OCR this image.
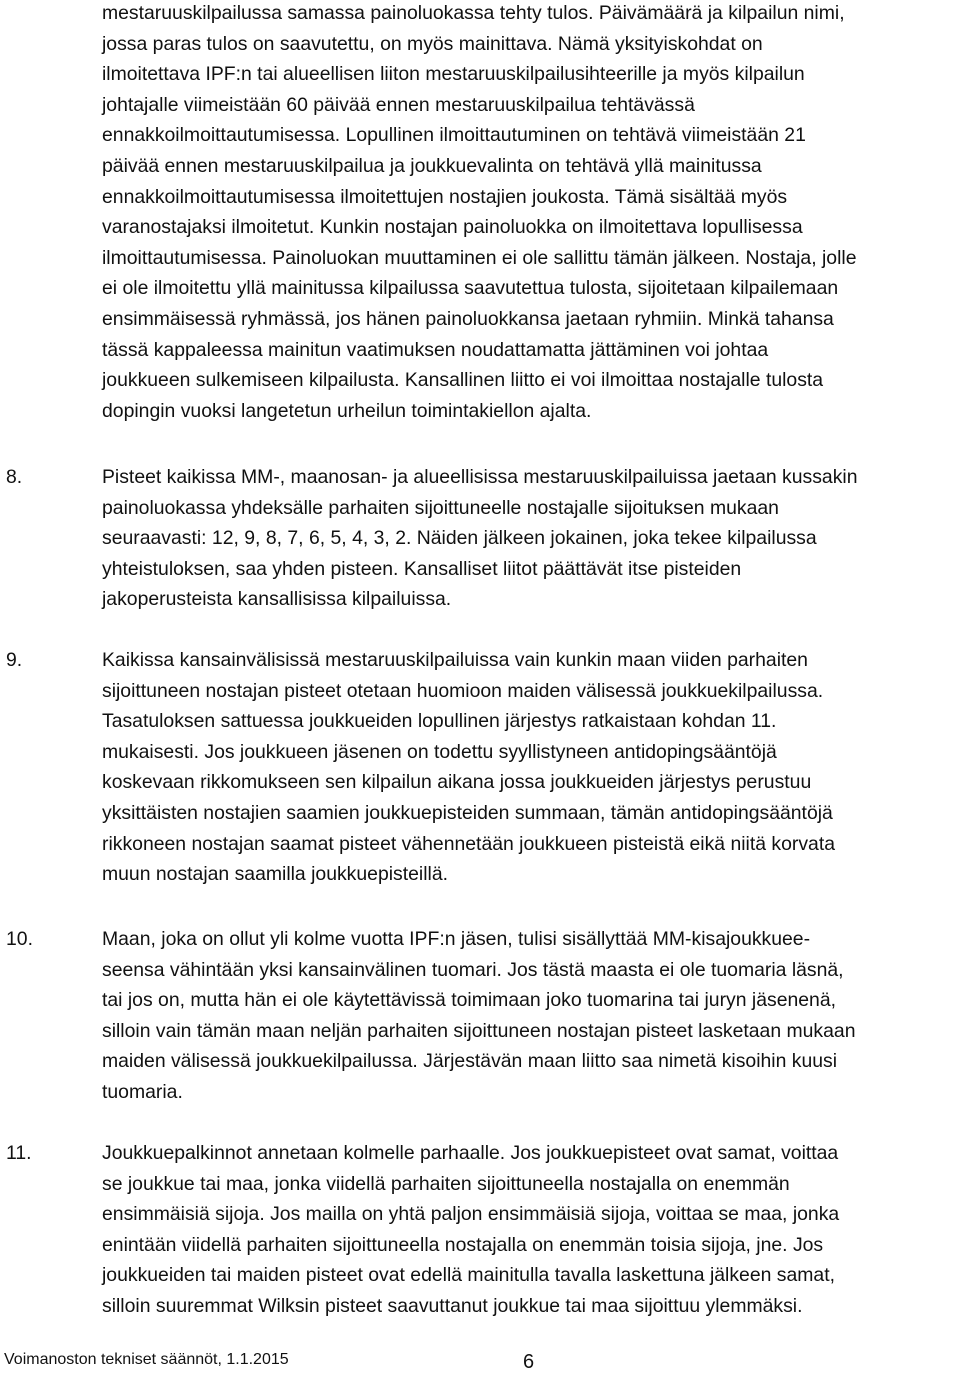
mestaruuskilpailussa samassa painoluokassa tehty tulos. Päivämäärä ja kilpailun nimi,
jossa paras tulos on saavutettu, on myös mainittava. Nämä yksityiskohdat on
ilmoitettava IPF:n tai alueellisen liiton mestaruuskilpailusihteerille ja myös kilpailun
johtajalle viimeistään 60 päivää ennen mestaruuskilpailua tehtävässä
ennakkoilmoittautumisessa. Lopullinen ilmoittautuminen on tehtävä viimeistään 21
päivää ennen mestaruuskilpailua ja joukkuevalinta on tehtävä yllä mainitussa
ennakkoilmoittautumisessa ilmoitettujen nostajien joukosta. Tämä sisältää myös
varanostajaksi ilmoitetut. Kunkin nostajan painoluokka on ilmoitettava lopullisessa
ilmoittautumisessa. Painoluokan muuttaminen ei ole sallittu tämän jälkeen. Nostaja, jolle
ei ole ilmoitettu yllä mainitussa kilpailussa saavutettua tulosta, sijoitetaan kilpailemaan
ensimmäisessä ryhmässä, jos hänen painoluokkansa jaetaan ryhmiin. Minkä tahansa
tässä kappaleessa mainitun vaatimuksen noudattamatta jättäminen voi johtaa
joukkueen sulkemiseen kilpailusta. Kansallinen liitto ei voi ilmoittaa nostajalle tulosta
dopingin vuoksi langetetun urheilun toimintakiellon ajalta.

8.	Pisteet kaikissa MM-, maanosan- ja alueellisissa mestaruuskilpailuissa jaetaan kussakin
painoluokassa yhdeksälle parhaiten sijoittuneelle nostajalle sijoituksen mukaan
seuraavasti: 12, 9, 8, 7, 6, 5, 4, 3, 2. Näiden jälkeen jokainen, joka tekee kilpailussa
yhteistuloksen, saa yhden pisteen. Kansalliset liitot päättävät itse pisteiden
jakoperusteista kansallisissa kilpailuissa.

9.	Kaikissa kansainvälisissä mestaruuskilpailuissa vain kunkin maan viiden parhaiten
sijoittuneen nostajan pisteet otetaan huomioon maiden välisessä joukkuekilpailussa.
Tasatuloksen sattuessa joukkueiden lopullinen järjestys ratkaistaan kohdan 11.
mukaisesti. Jos joukkueen jäsenen on todettu syyllistyneen antidopingsääntöjä
koskevaan rikkomukseen sen kilpailun aikana jossa joukkueiden järjestys perustuu
yksittäisten nostajien saamien joukkuepisteiden summaan, tämän antidopingsääntöjä
rikkoneen nostajan saamat pisteet vähennetään joukkueen pisteistä eikä niitä korvata
muun nostajan saamilla joukkuepisteillä.

10.	Maan, joka on ollut yli kolme vuotta IPF:n jäsen, tulisi sisällyttää MM-kisajoukkuee-
seensa vähintään yksi kansainvälinen tuomari. Jos tästä maasta ei ole tuomaria läsnä,
tai jos on, mutta hän ei ole käytettävissä toimimaan joko tuomarina tai juryn jäsenenä,
silloin vain tämän maan neljän parhaiten sijoittuneen nostajan pisteet lasketaan mukaan
maiden välisessä joukkuekilpailussa. Järjestävän maan liitto saa nimetä kisoihin kuusi
tuomaria.

11.	Joukkuepalkinnot annetaan kolmelle parhaalle. Jos joukkuepisteet ovat samat, voittaa
se joukkue tai maa, jonka viidellä parhaiten sijoittuneella nostajalla on enemmän
ensimmäisiä sijoja. Jos mailla on yhtä paljon ensimmäisiä sijoja, voittaa se maa, jonka
enintään viidellä parhaiten sijoittuneella nostajalla on enemmän toisia sijoja, jne. Jos
joukkueiden tai maiden pisteet ovat edellä mainitulla tavalla laskettuna jälkeen samat,
silloin suuremmat Wilksin pisteet saavuttanut joukkue tai maa sijoittuu ylemmäksi.

Voimanoston tekniset säännöt, 1.1.2015	6
